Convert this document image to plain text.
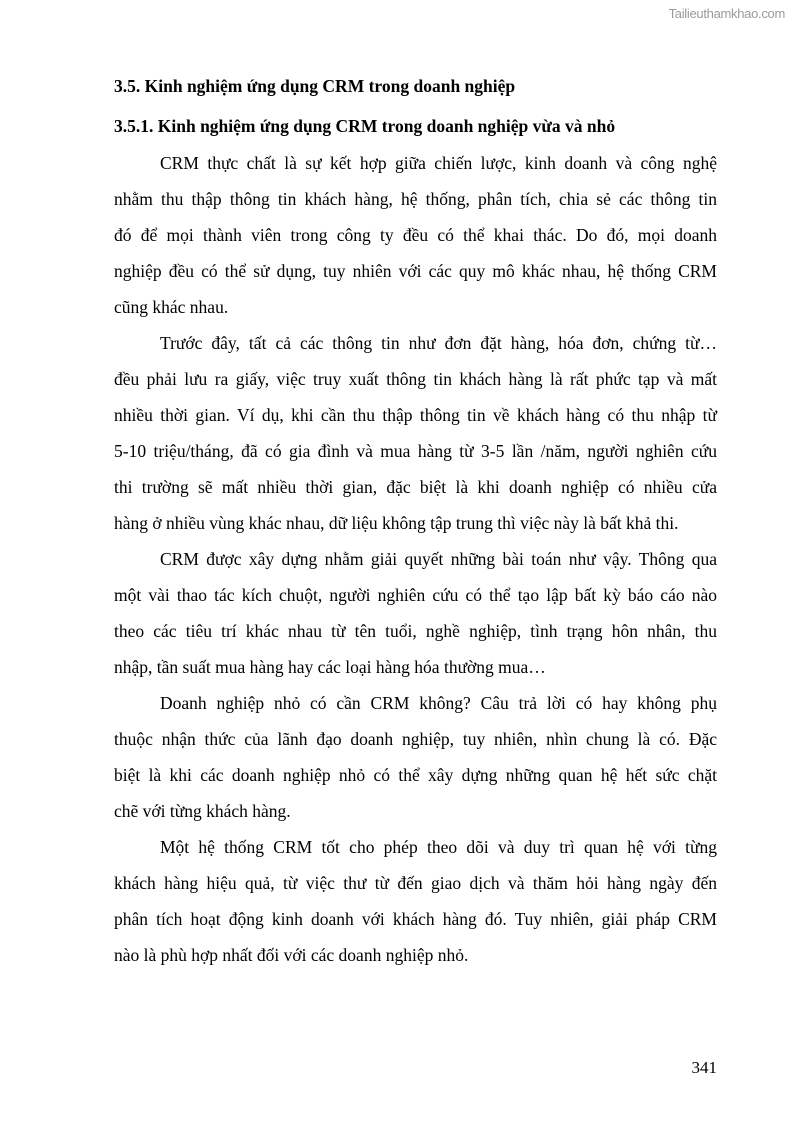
Tailieuthamkhao.com
3.5. Kinh nghiệm ứng dụng CRM trong doanh nghiệp
3.5.1. Kinh nghiệm ứng dụng CRM trong doanh nghiệp vừa và nhỏ
CRM thực chất là sự kết hợp giữa chiến lược, kinh doanh và công nghệ
nhằm thu thập thông tin khách hàng, hệ thống, phân tích, chia sẻ các thông tin
đó để mọi thành viên trong công ty đều có thể khai thác. Do đó, mọi doanh
nghiệp đều có thể sử dụng, tuy nhiên với các quy mô khác nhau, hệ thống CRM
cũng khác nhau.
Trước đây, tất cả các thông tin như đơn đặt hàng, hóa đơn, chứng từ…
đều phải lưu ra giấy, việc truy xuất thông tin khách hàng là rất phức tạp và mất
nhiều thời gian. Ví dụ, khi cần thu thập thông tin về khách hàng có thu nhập từ
5-10 triệu/tháng, đã có gia đình và mua hàng từ 3-5 lần /năm, người nghiên cứu
thi trường sẽ mất nhiều thời gian, đặc biệt là khi doanh nghiệp có nhiều cửa
hàng ở nhiều vùng khác nhau, dữ liệu không tập trung thì việc này là bất khả thi.
CRM được xây dựng nhằm giải quyết những bài toán như vậy. Thông qua
một vài thao tác kích chuột, người nghiên cứu có thể tạo lập bất kỳ báo cáo nào
theo các tiêu trí khác nhau từ tên tuổi, nghề nghiệp, tình trạng hôn nhân, thu
nhập, tần suất mua hàng hay các loại hàng hóa thường mua…
Doanh nghiệp nhỏ có cần CRM không? Câu trả lời có hay không phụ
thuộc nhận thức của lãnh đạo doanh nghiệp, tuy nhiên, nhìn chung là có. Đặc
biệt là khi các doanh nghiệp nhỏ có thể xây dựng những quan hệ hết sức chặt
chẽ với từng khách hàng.
Một hệ thống CRM tốt cho phép theo dõi và duy trì quan hệ với từng
khách hàng hiệu quả, từ việc thư từ đến giao dịch và thăm hỏi hàng ngày đến
phân tích hoạt động kinh doanh với khách hàng đó. Tuy nhiên, giải pháp CRM
nào là phù hợp nhất đối với các doanh nghiệp nhỏ.
341
